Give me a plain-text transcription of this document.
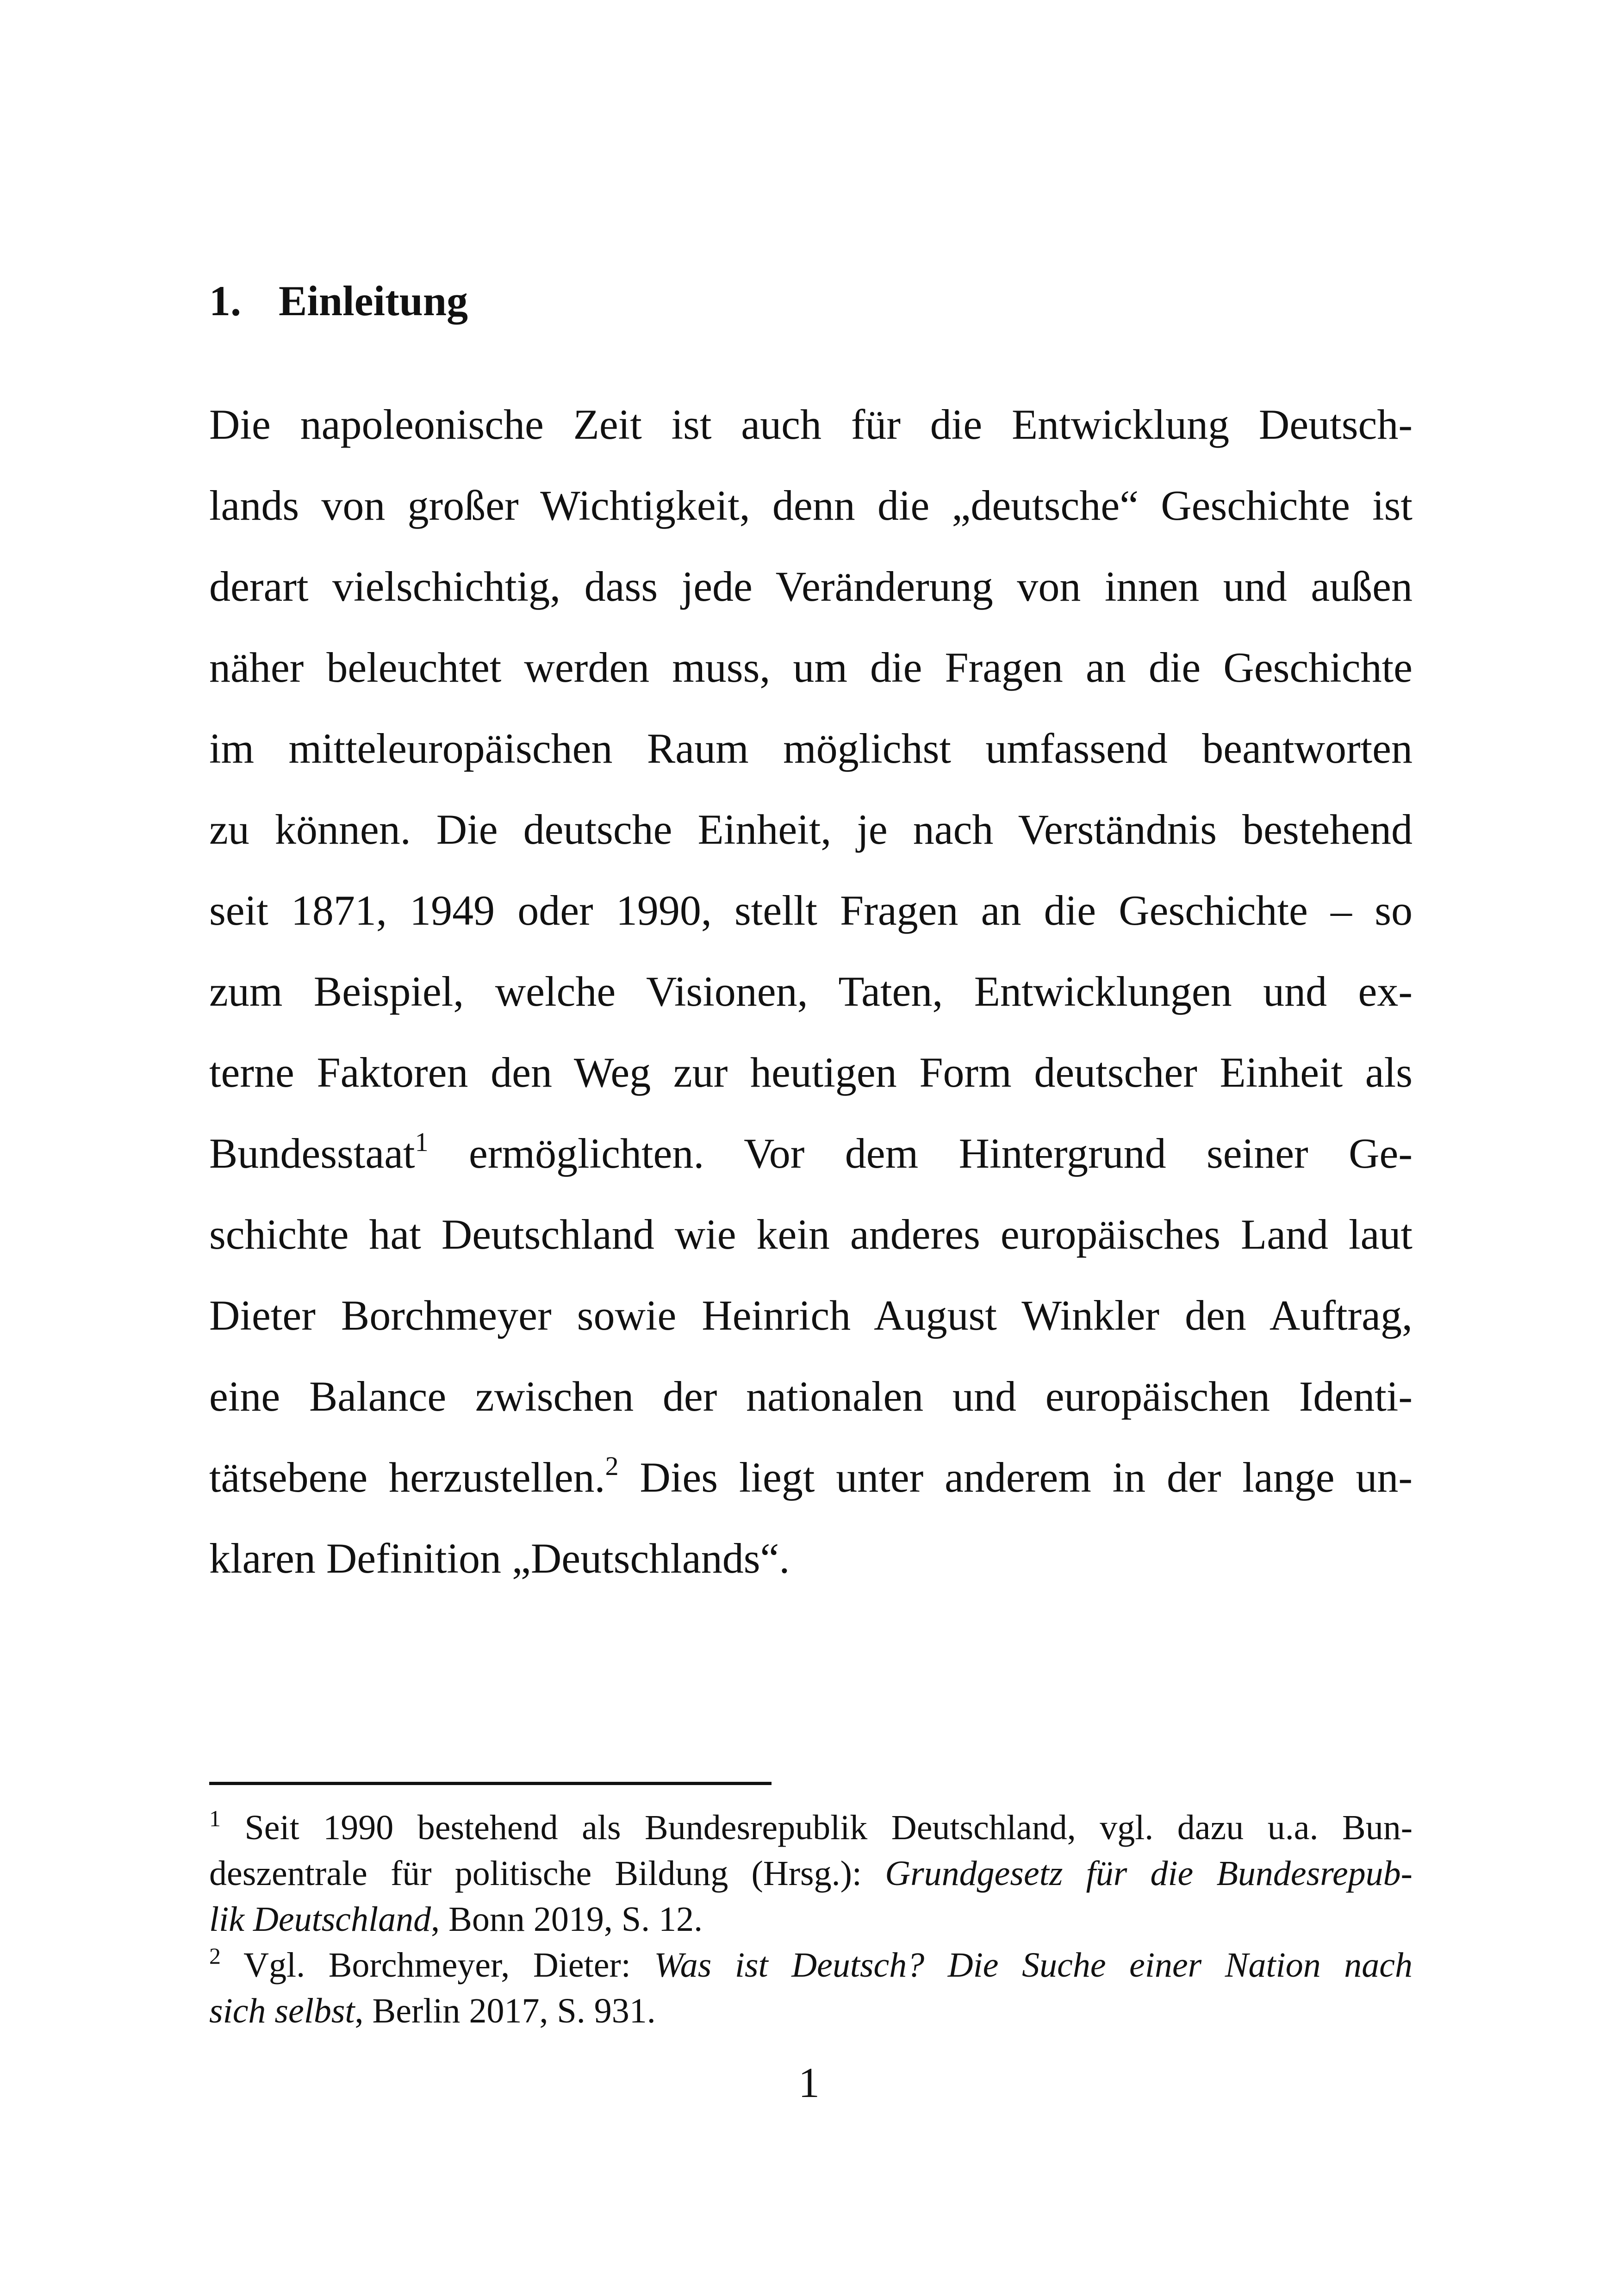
1. Einleitung
Die napoleonische Zeit ist auch für die Entwicklung Deutsch-
lands von großer Wichtigkeit, denn die „deutsche“ Geschichte ist
derart vielschichtig, dass jede Veränderung von innen und außen
näher beleuchtet werden muss, um die Fragen an die Geschichte
im mitteleuropäischen Raum möglichst umfassend beantworten
zu können. Die deutsche Einheit, je nach Verständnis bestehend
seit 1871, 1949 oder 1990, stellt Fragen an die Geschichte – so
zum Beispiel, welche Visionen, Taten, Entwicklungen und ex-
terne Faktoren den Weg zur heutigen Form deutscher Einheit als
Bundesstaat$^1$ ermöglichten. Vor dem Hintergrund seiner Ge-
schichte hat Deutschland wie kein anderes europäisches Land laut
Dieter Borchmeyer sowie Heinrich August Winkler den Auftrag,
eine Balance zwischen der nationalen und europäischen Identi-
tätsebene herzustellen.$^2$ Dies liegt unter anderem in der lange un-
klaren Definition „Deutschlands“.
$^1$ Seit 1990 bestehend als Bundesrepublik Deutschland, vgl. dazu u.a. Bun-
deszentrale für politische Bildung (Hrsg.): Grundgesetz für die Bundesrepub-
lik Deutschland, Bonn 2019, S. 12.
$^2$ Vgl. Borchmeyer, Dieter: Was ist Deutsch? Die Suche einer Nation nach
sich selbst, Berlin 2017, S. 931.
1
